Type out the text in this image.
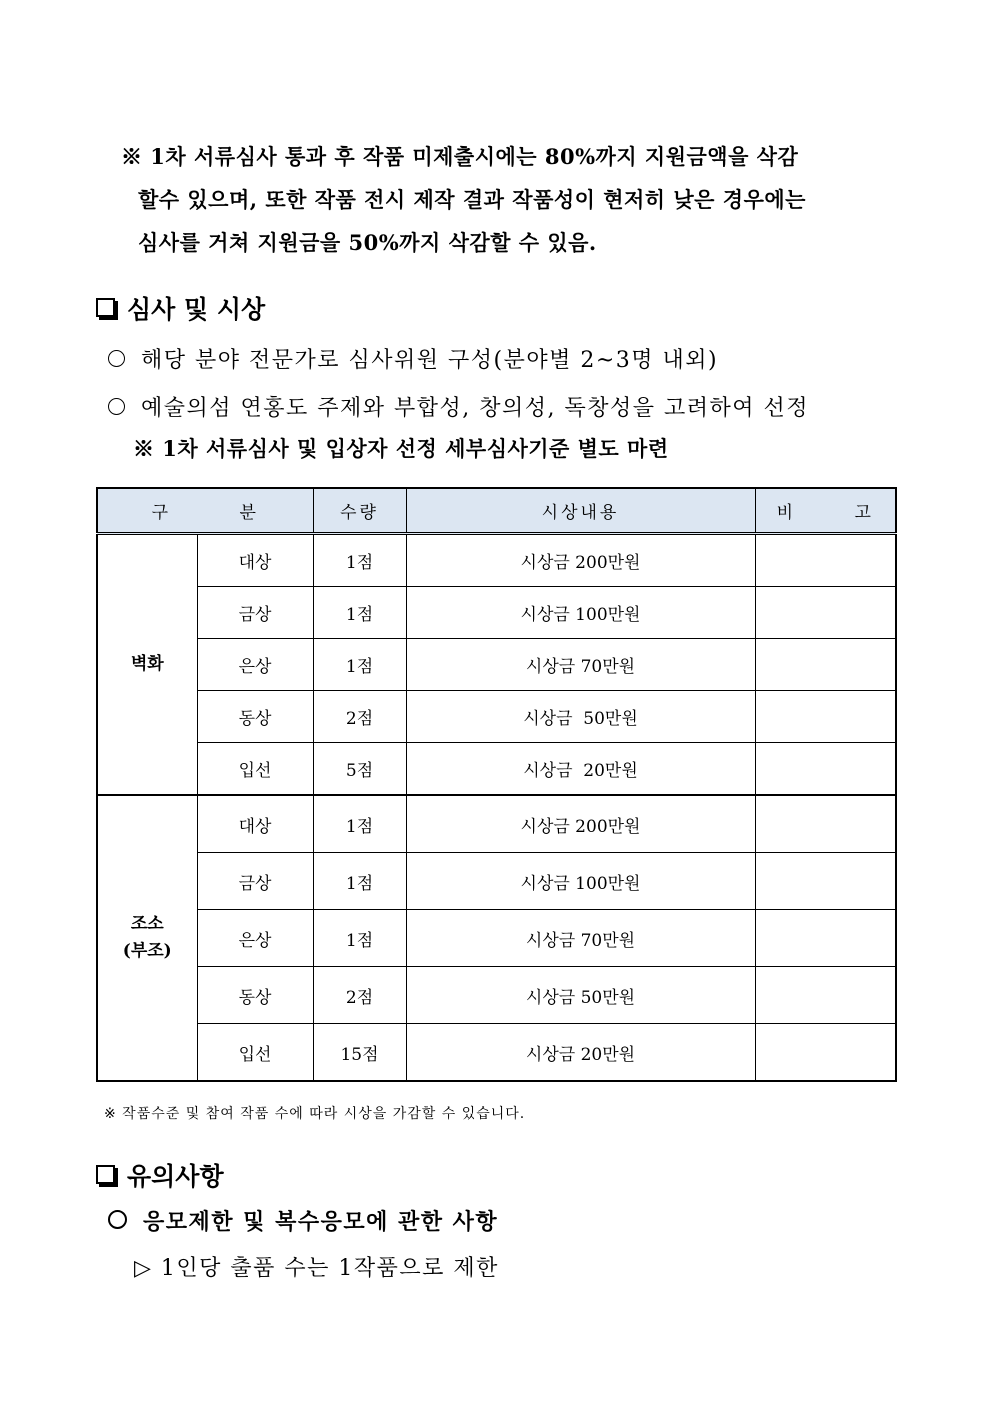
※ 1차 서류심사 통과 후 작품 미제출시에는 80%까지 지원금액을 삭감
할수 있으며, 또한 작품 전시 제작 결과 작품성이 현저히 낮은 경우에는
심사를 거쳐 지원금을 50%까지 삭감할 수 있음.
심사 및 시상
해당 분야 전문가로 심사위원 구성(분야별 2~3명 내외)
예술의섬 연홍도 주제와 부합성, 창의성, 독창성을 고려하여 선정
※ 1차 서류심사 및 입상자 선정 세부심사기준 별도 마련
구 분		수량	시상내용	비 고
벽화	대상	1점	시상금 200만원	
	금상	1점	시상금 100만원	
	은상	1점	시상금 70만원	
	동상	2점	시상금  50만원	
	입선	5점	시상금  20만원	
조소
(부조)	대상	1점	시상금 200만원	
	금상	1점	시상금 100만원	
	은상	1점	시상금 70만원	
	동상	2점	시상금 50만원	
	입선	15점	시상금 20만원	
※ 작품수준 및 참여 작품 수에 따라 시상을 가감할 수 있습니다.
유의사항
응모제한 및 복수응모에 관한 사항
▷ 1인당 출품 수는 1작품으로 제한
